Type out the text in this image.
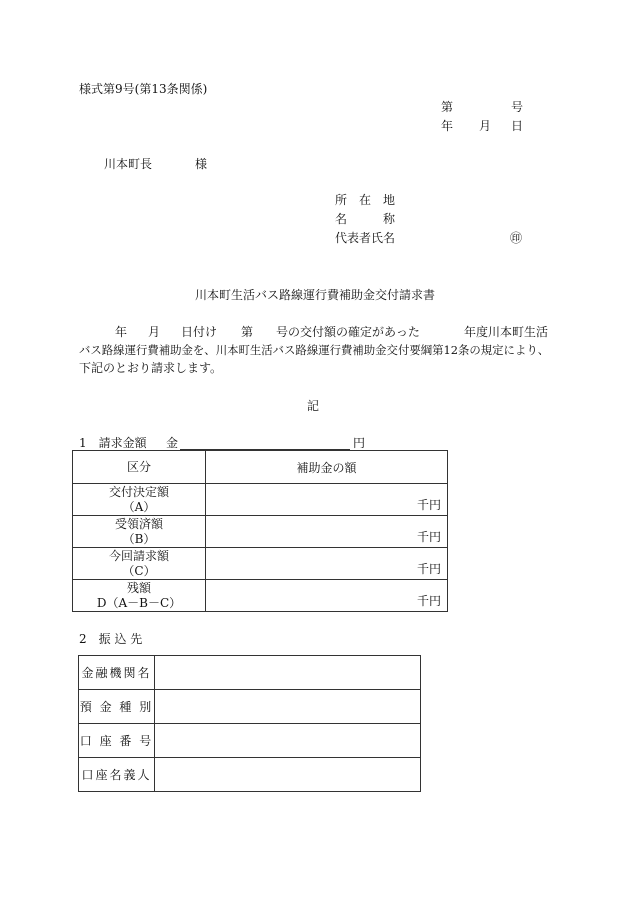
様式第9号(第13条関係)
第	号
年 月 日
川本町長	様
所　在　地
名　　　称
代表者氏名	㊞
川本町生活バス路線運行費補助金交付請求書
年 月 日付け 第 号の交付額の確定があった	年度川本町生活
バス路線運行費補助金を、川本町生活バス路線運行費補助金交付要綱第12条の規定により、
下記のとおり請求します。
記
1　請求金額 金	円
区分	補助金の額

交付決定額
（A）	千円

受領済額
（B）	千円

今回請求額
（C）	千円

残額
D（A－B－C）	千円
2　振 込 先
金融機関名	
預 金 種 別	
口 座 番 号	
口座名義人	
